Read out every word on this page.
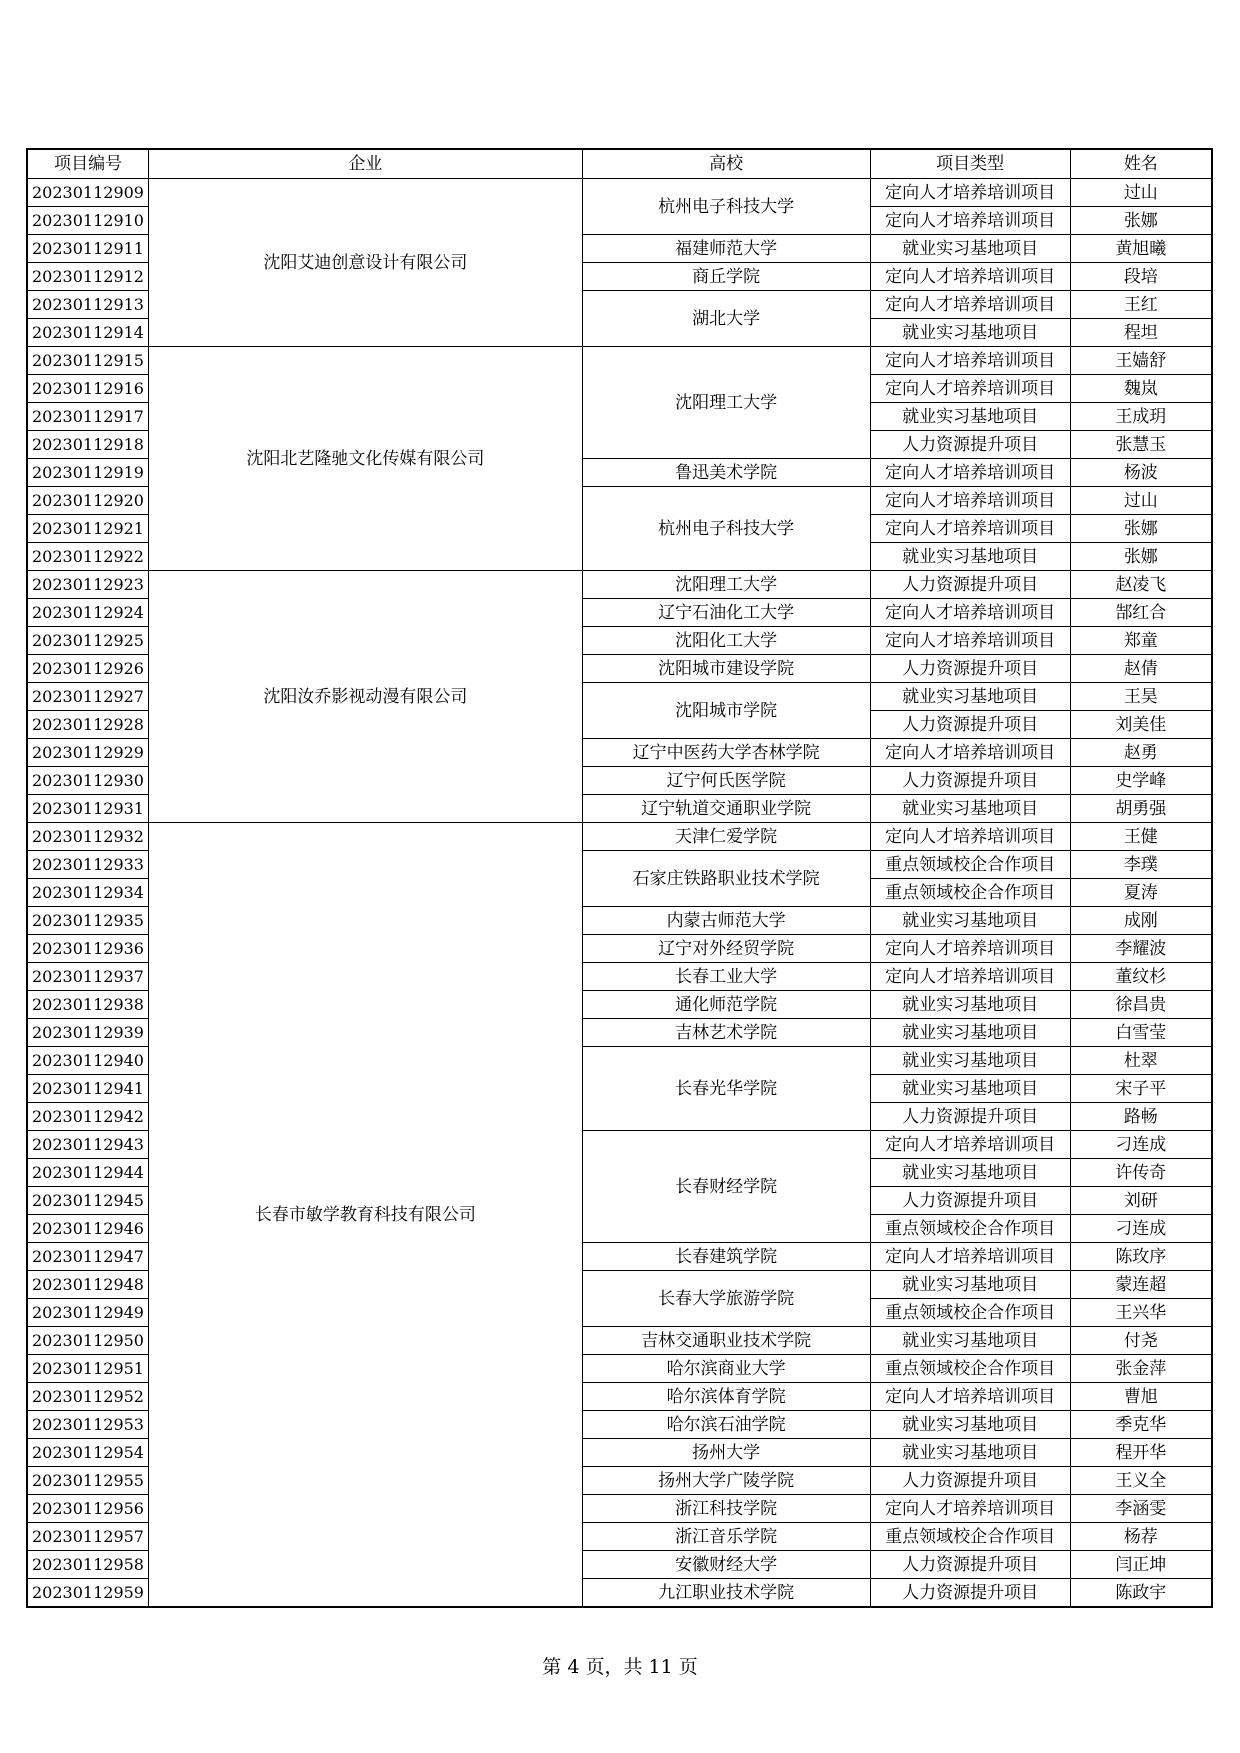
项目编号	企业	高校	项目类型	姓名
20230112909	沈阳艾迪创意设计有限公司	杭州电子科技大学	定向人才培养培训项目	过山
20230112910			定向人才培养培训项目	张娜
20230112911		福建师范大学	就业实习基地项目	黄旭曦
20230112912		商丘学院	定向人才培养培训项目	段培
20230112913		湖北大学	定向人才培养培训项目	王红
20230112914			就业实习基地项目	程坦
20230112915	沈阳北艺隆驰文化传媒有限公司	沈阳理工大学	定向人才培养培训项目	王嫱舒
20230112916			定向人才培养培训项目	魏岚
20230112917			就业实习基地项目	王成玥
20230112918			人力资源提升项目	张慧玉
20230112919		鲁迅美术学院	定向人才培养培训项目	杨波
20230112920		杭州电子科技大学	定向人才培养培训项目	过山
20230112921			定向人才培养培训项目	张娜
20230112922			就业实习基地项目	张娜
20230112923	沈阳汝乔影视动漫有限公司	沈阳理工大学	人力资源提升项目	赵凌飞
20230112924		辽宁石油化工大学	定向人才培养培训项目	郜红合
20230112925		沈阳化工大学	定向人才培养培训项目	郑童
20230112926		沈阳城市建设学院	人力资源提升项目	赵倩
20230112927		沈阳城市学院	就业实习基地项目	王昊
20230112928			人力资源提升项目	刘美佳
20230112929		辽宁中医药大学杏林学院	定向人才培养培训项目	赵勇
20230112930		辽宁何氏医学院	人力资源提升项目	史学峰
20230112931		辽宁轨道交通职业学院	就业实习基地项目	胡勇强
20230112932	长春市敏学教育科技有限公司	天津仁爱学院	定向人才培养培训项目	王健
20230112933		石家庄铁路职业技术学院	重点领域校企合作项目	李璞
20230112934			重点领域校企合作项目	夏涛
20230112935		内蒙古师范大学	就业实习基地项目	成刚
20230112936		辽宁对外经贸学院	定向人才培养培训项目	李耀波
20230112937		长春工业大学	定向人才培养培训项目	董纹杉
20230112938		通化师范学院	就业实习基地项目	徐昌贵
20230112939		吉林艺术学院	就业实习基地项目	白雪莹
20230112940		长春光华学院	就业实习基地项目	杜翠
20230112941			就业实习基地项目	宋子平
20230112942			人力资源提升项目	路畅
20230112943		长春财经学院	定向人才培养培训项目	刁连成
20230112944			就业实习基地项目	许传奇
20230112945			人力资源提升项目	刘研
20230112946			重点领域校企合作项目	刁连成
20230112947		长春建筑学院	定向人才培养培训项目	陈玫序
20230112948		长春大学旅游学院	就业实习基地项目	蒙连超
20230112949			重点领域校企合作项目	王兴华
20230112950		吉林交通职业技术学院	就业实习基地项目	付尧
20230112951		哈尔滨商业大学	重点领域校企合作项目	张金萍
20230112952		哈尔滨体育学院	定向人才培养培训项目	曹旭
20230112953		哈尔滨石油学院	就业实习基地项目	季克华
20230112954		扬州大学	就业实习基地项目	程开华
20230112955		扬州大学广陵学院	人力资源提升项目	王义全
20230112956		浙江科技学院	定向人才培养培训项目	李涵雯
20230112957		浙江音乐学院	重点领域校企合作项目	杨荐
20230112958		安徽财经大学	人力资源提升项目	闫正坤
20230112959		九江职业技术学院	人力资源提升项目	陈政宇
第 4 页，共 11 页
